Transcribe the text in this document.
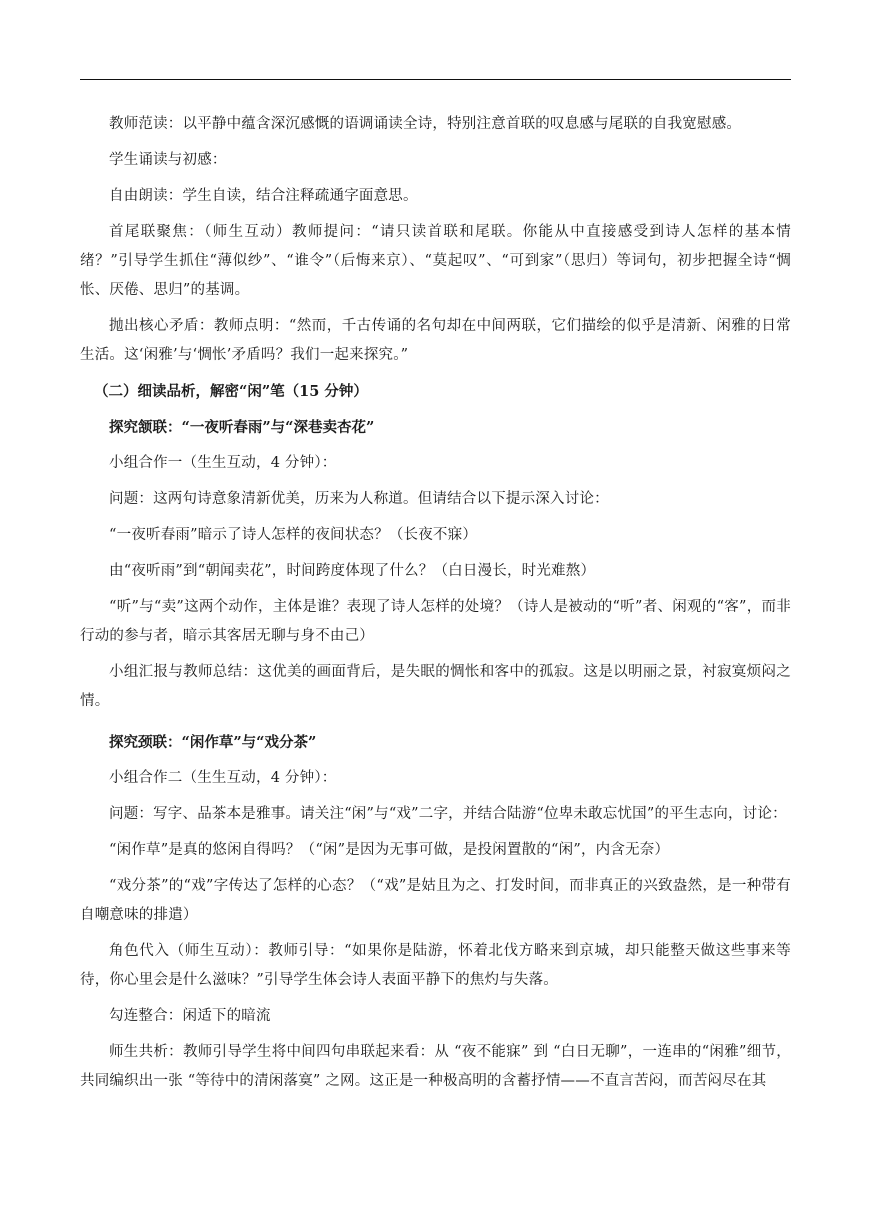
教师范读：以平静中蕴含深沉感慨的语调诵读全诗，特别注意首联的叹息感与尾联的自我宽慰感。

学生诵读与初感：

自由朗读：学生自读，结合注释疏通字面意思。

首尾联聚焦：（师生互动）教师提问：“请只读首联和尾联。你能从中直接感受到诗人怎样的基本情绪？”引导学生抓住“薄似纱”、“谁令”（后悔来京）、“莫起叹”、“可到家”（思归）等词句，初步把握全诗“惆怅、厌倦、思归”的基调。

抛出核心矛盾：教师点明：“然而，千古传诵的名句却在中间两联，它们描绘的似乎是清新、闲雅的日常生活。这‘闲雅’与‘惆怅’矛盾吗？我们一起来探究。”

（二）细读品析，解密“闲”笔（15 分钟）

探究颔联：“一夜听春雨”与“深巷卖杏花”

小组合作一（生生互动，4 分钟）：

问题：这两句诗意象清新优美，历来为人称道。但请结合以下提示深入讨论：

“一夜听春雨”暗示了诗人怎样的夜间状态？（长夜不寐）

由“夜听雨”到“朝闻卖花”，时间跨度体现了什么？（白日漫长，时光难熬）

“听”与“卖”这两个动作，主体是谁？表现了诗人怎样的处境？（诗人是被动的“听”者、闲观的“客”，而非行动的参与者，暗示其客居无聊与身不由己）

小组汇报与教师总结：这优美的画面背后，是失眠的惆怅和客中的孤寂。这是以明丽之景，衬寂寞烦闷之情。

探究颈联：“闲作草”与“戏分茶”

小组合作二（生生互动，4 分钟）：

问题：写字、品茶本是雅事。请关注“闲”与“戏”二字，并结合陆游“位卑未敢忘忧国”的平生志向，讨论：

“闲作草”是真的悠闲自得吗？（“闲”是因为无事可做，是投闲置散的“闲”，内含无奈）

“戏分茶”的“戏”字传达了怎样的心态？（“戏”是姑且为之、打发时间，而非真正的兴致盎然，是一种带有自嘲意味的排遣）

角色代入（师生互动）：教师引导：“如果你是陆游，怀着北伐方略来到京城，却只能整天做这些事来等待，你心里会是什么滋味？”引导学生体会诗人表面平静下的焦灼与失落。

勾连整合：闲适下的暗流

师生共析：教师引导学生将中间四句串联起来看：从 “夜不能寐” 到 “白日无聊”，一连串的“闲雅”细节，共同编织出一张 “等待中的清闲落寞” 之网。这正是一种极高明的含蓄抒情——不直言苦闷，而苦闷尽在其
